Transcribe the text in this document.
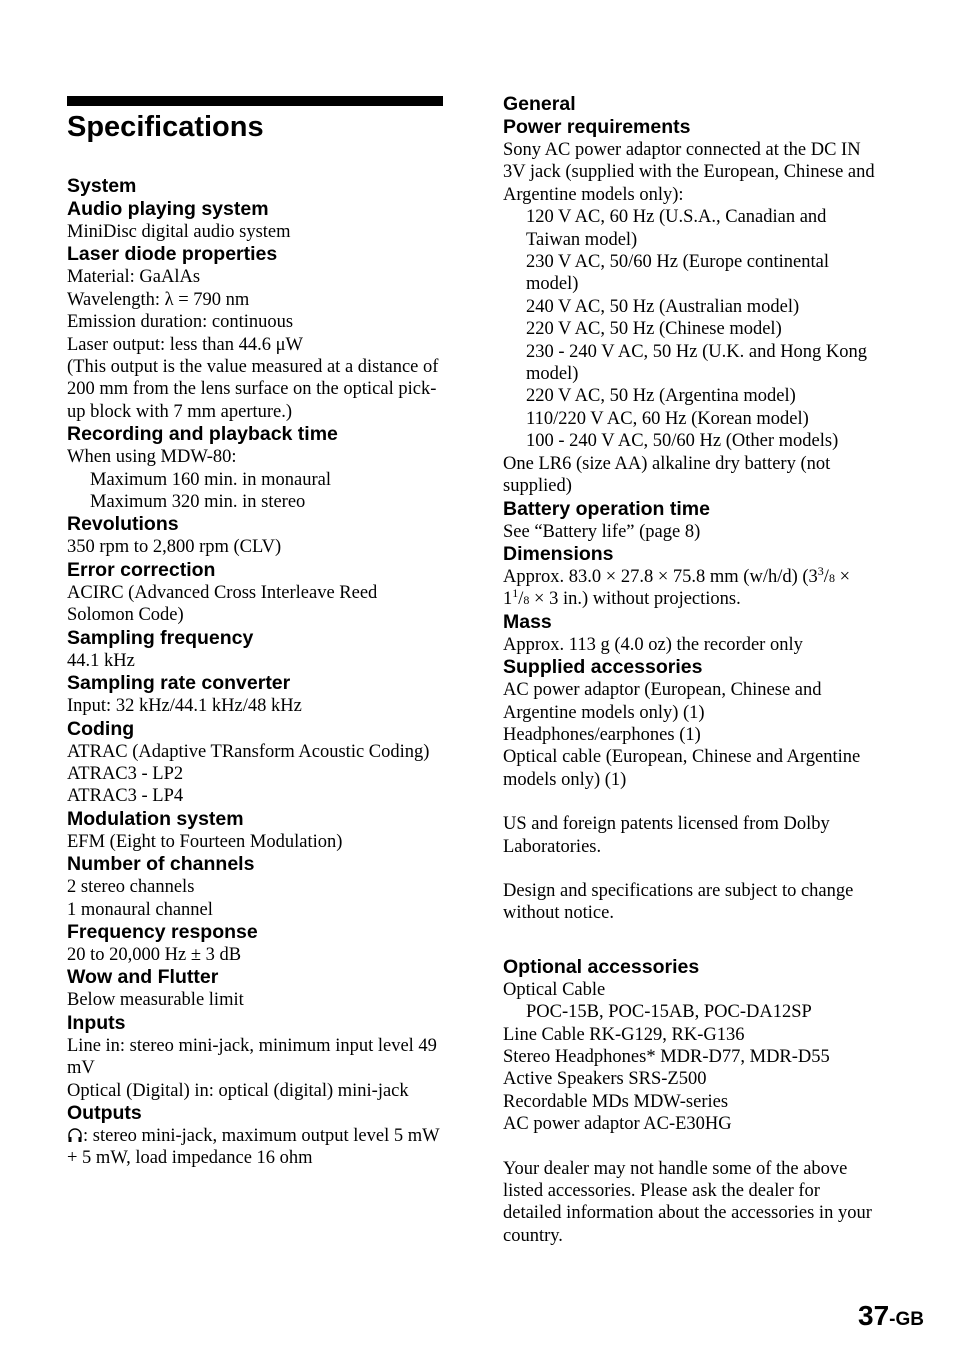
Specifications
System
Audio playing system
MiniDisc digital audio system
Laser diode properties
Material: GaAlAs
Wavelength: λ = 790 nm
Emission duration: continuous
Laser output: less than 44.6 μW
(This output is the value measured at a distance of 200 mm from the lens surface on the optical pick-up block with 7 mm aperture.)
Recording and playback time
When using MDW-80:
Maximum 160 min. in monaural
Maximum 320 min. in stereo
Revolutions
350 rpm to 2,800 rpm (CLV)
Error correction
ACIRC (Advanced Cross Interleave Reed Solomon Code)
Sampling frequency
44.1 kHz
Sampling rate converter
Input: 32 kHz/44.1 kHz/48 kHz
Coding
ATRAC (Adaptive TRansform Acoustic Coding)
ATRAC3 - LP2
ATRAC3 - LP4
Modulation system
EFM (Eight to Fourteen Modulation)
Number of channels
2 stereo channels
1 monaural channel
Frequency response
20 to 20,000 Hz ± 3 dB
Wow and Flutter
Below measurable limit
Inputs
Line in: stereo mini-jack, minimum input level 49 mV
Optical (Digital) in: optical (digital) mini-jack
Outputs
: stereo mini-jack, maximum output level 5 mW + 5 mW, load impedance 16 ohm
General
Power requirements
Sony AC power adaptor connected at the DC IN 3V jack (supplied with the European, Chinese and Argentine models only):
120 V AC, 60 Hz (U.S.A., Canadian and Taiwan model)
230 V AC, 50/60 Hz (Europe continental model)
240 V AC, 50 Hz (Australian model)
220 V AC, 50 Hz (Chinese model)
230 - 240 V AC, 50 Hz (U.K. and Hong Kong model)
220 V AC, 50 Hz (Argentina model)
110/220 V AC, 60 Hz (Korean model)
100 - 240 V AC, 50/60 Hz (Other models)
One LR6 (size AA) alkaline dry battery (not supplied)
Battery operation time
See “Battery life” (page 8)
Dimensions
Approx. 83.0 × 27.8 × 75.8 mm (w/h/d) ($3^3/8$ ×
$1^1/8 \times 3$ in.) without projections.
Mass
Approx. 113 g (4.0 oz) the recorder only
Supplied accessories
AC power adaptor (European, Chinese and Argentine models only) (1)
Headphones/earphones (1)
Optical cable (European, Chinese and Argentine models only) (1)
US and foreign patents licensed from Dolby Laboratories.
Design and specifications are subject to change without notice.
Optional accessories
Optical Cable
POC-15B, POC-15AB, POC-DA12SP
Line Cable RK-G129, RK-G136
Stereo Headphones* MDR-D77, MDR-D55
Active Speakers SRS-Z500
Recordable MDs MDW-series
AC power adaptor AC-E30HG
Your dealer may not handle some of the above listed accessories. Please ask the dealer for detailed information about the accessories in your country.
37-GB
